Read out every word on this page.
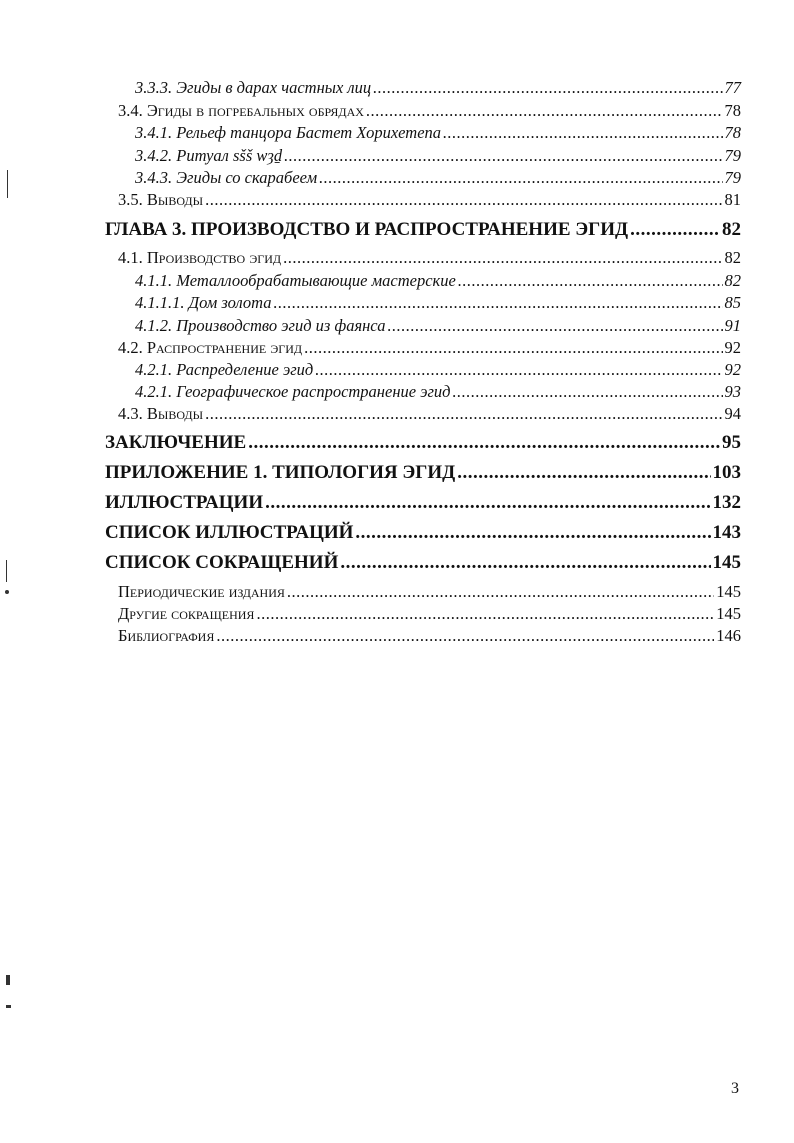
3.3.3. Эгиды в дарах частных лиц .....	77
3.4. Эгиды в погребальных обрядах .....	78
3.4.1. Рельеф танцора Бастет Хорихетепа .....	78
3.4.2. Ритуал sšš wȝḏ .....	79
3.4.3. Эгиды со скарабеем .....	79
3.5. Выводы .....	81
ГЛАВА 3. ПРОИЗВОДСТВО И РАСПРОСТРАНЕНИЕ ЭГИД .....	82
4.1. Производство эгид .....	82
4.1.1. Металлообрабатывающие мастерские .....	82
4.1.1.1. Дом золота .....	85
4.1.2. Производство эгид из фаянса .....	91
4.2. Распространение эгид .....	92
4.2.1. Распределение эгид .....	92
4.2.1. Географическое распространение эгид .....	93
4.3. Выводы .....	94
ЗАКЛЮЧЕНИЕ .....	95
ПРИЛОЖЕНИЕ 1. ТИПОЛОГИЯ ЭГИД .....	103
ИЛЛЮСТРАЦИИ .....	132
СПИСОК ИЛЛЮСТРАЦИЙ .....	143
СПИСОК СОКРАЩЕНИЙ .....	145
Периодические издания .....	145
Другие сокращения .....	145
Библиография .....	146
3
